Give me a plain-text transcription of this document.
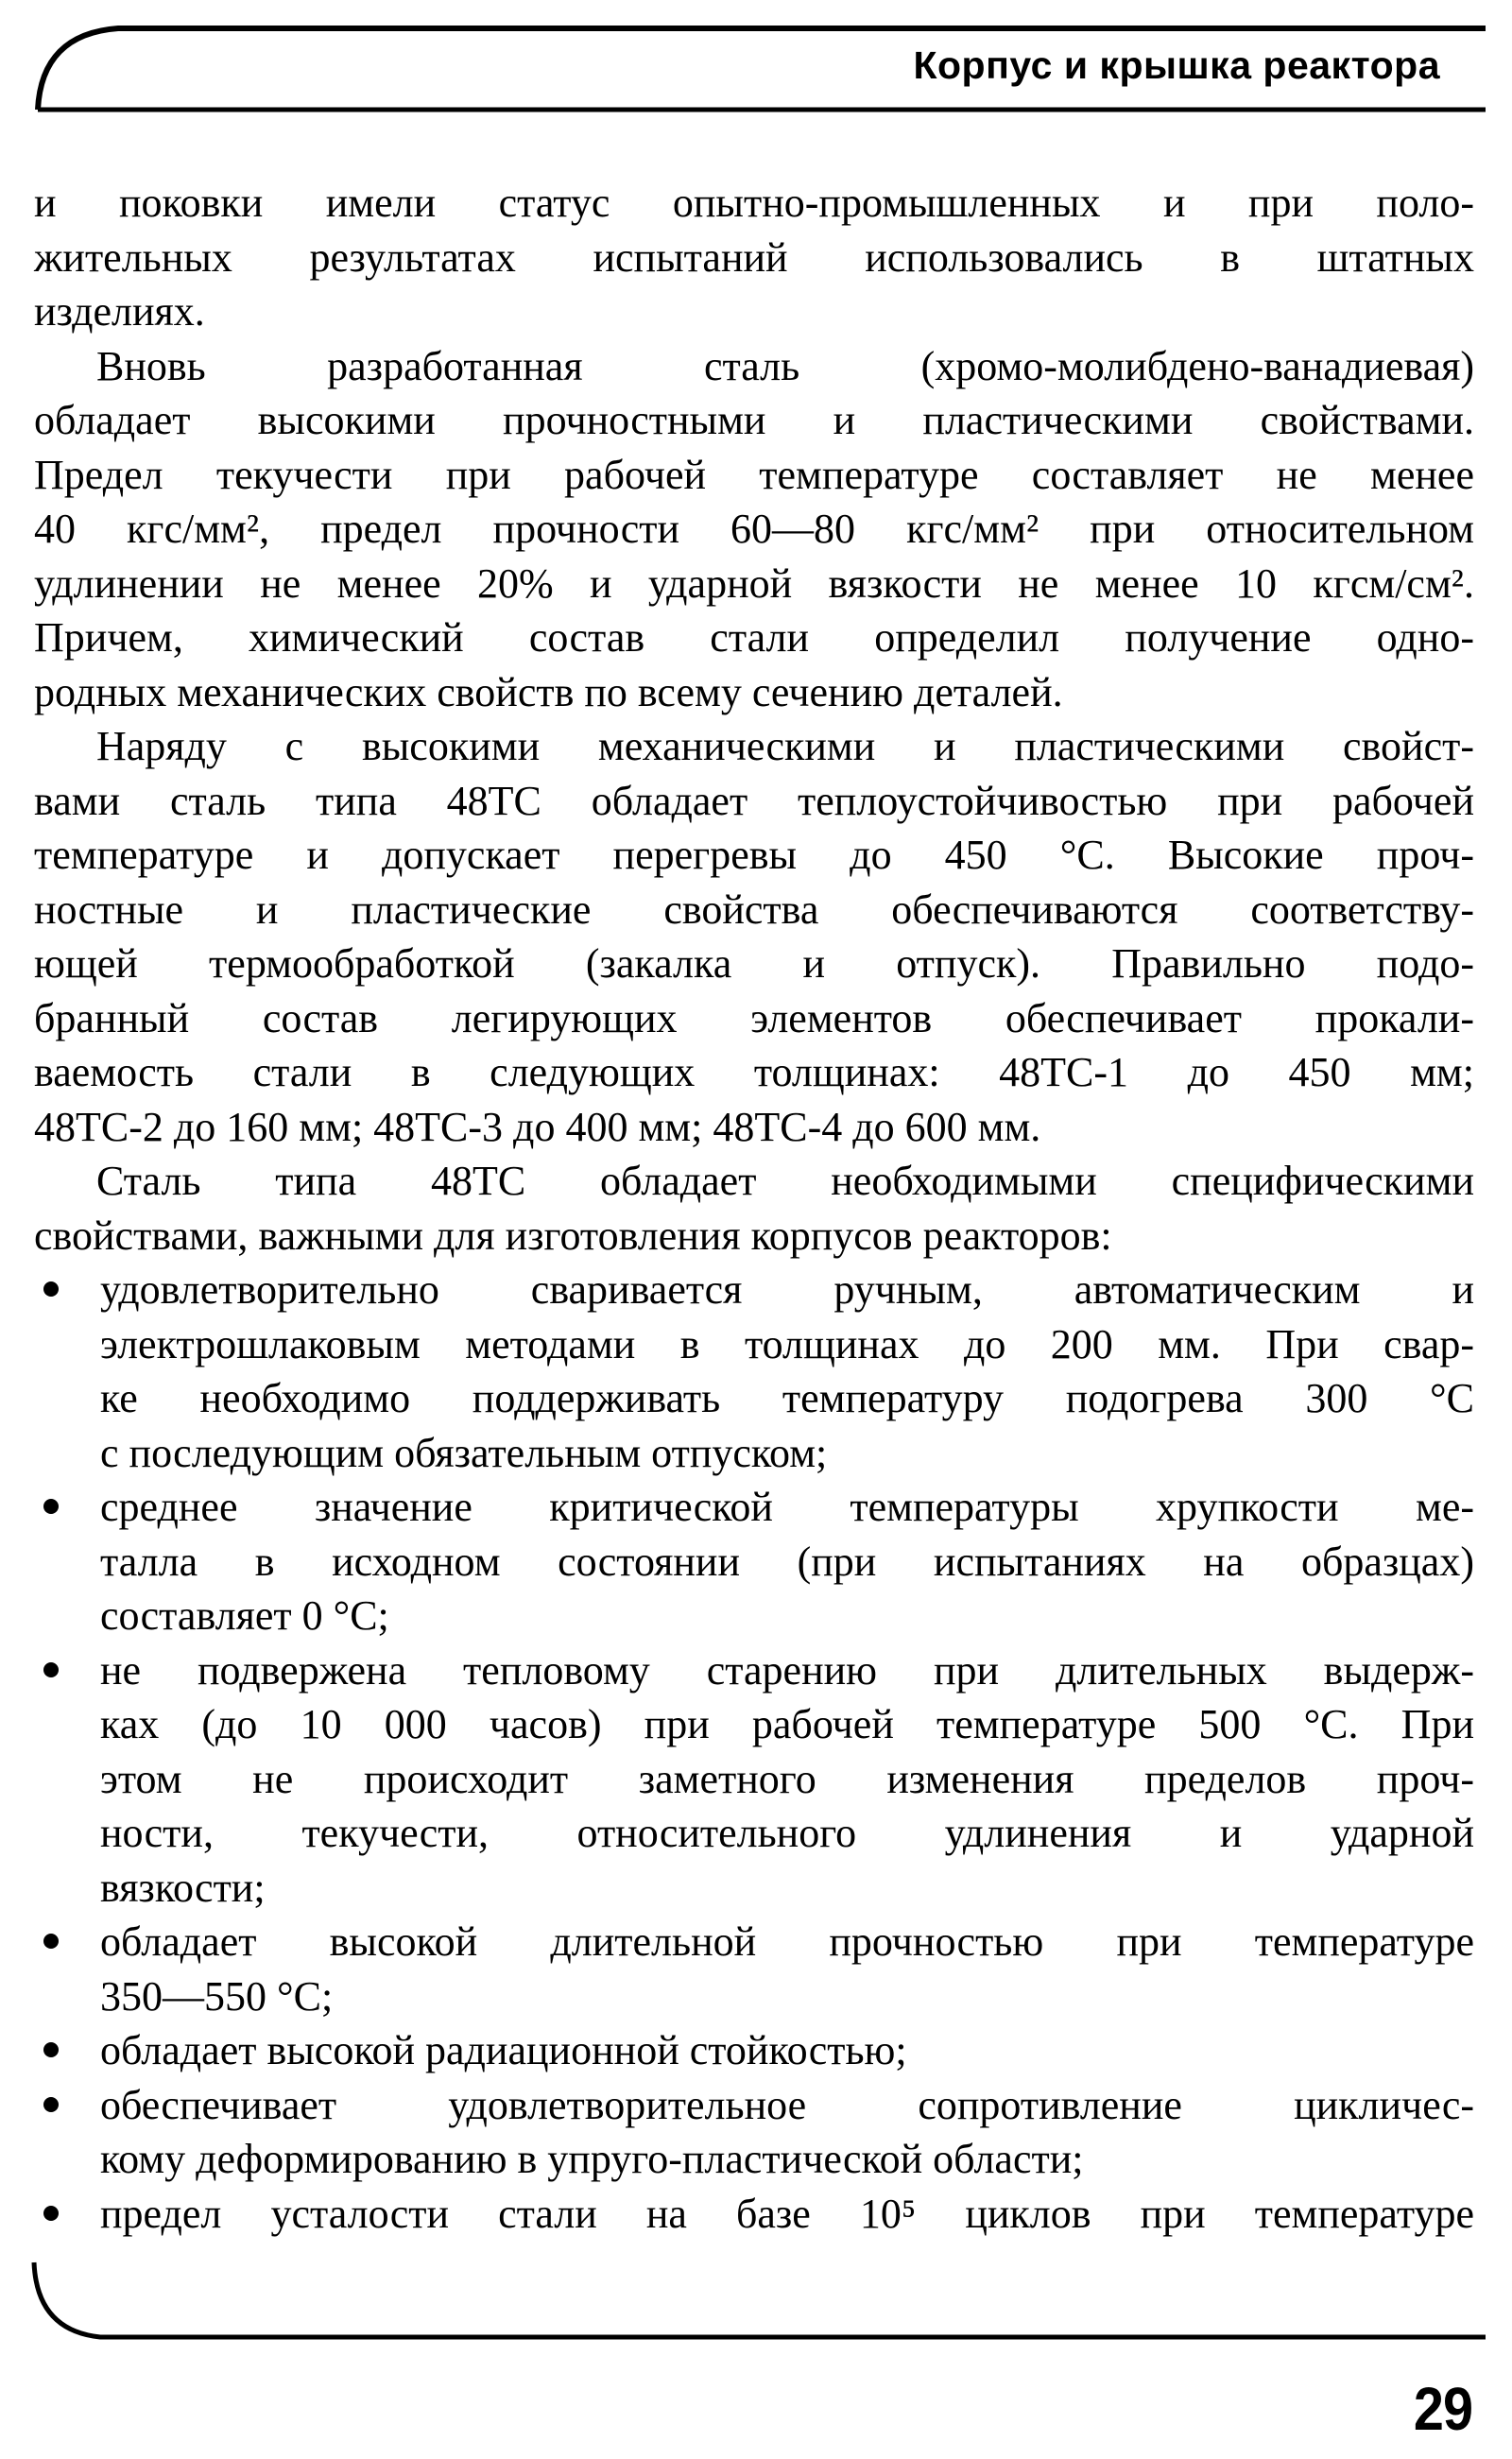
Корпус и крышка реактора
и поковки имели статус опытно-промышленных и при поло-
жительных результатах испытаний использовались в штатных
изделиях.
Вновь разработанная сталь (хромо-молибдено-ванадиевая)
обладает высокими прочностными и пластическими свойствами.
Предел текучести при рабочей температуре составляет не менее
40 кгс/мм², предел прочности 60—80 кгс/мм² при относительном
удлинении не менее 20% и ударной вязкости не менее 10 кгсм/см².
Причем, химический состав стали определил получение одно-
родных механических свойств по всему сечению деталей.
Наряду с высокими механическими и пластическими свойст-
вами сталь типа 48ТС обладает теплоустойчивостью при рабочей
температуре и допускает перегревы до 450 °С. Высокие проч-
ностные и пластические свойства обеспечиваются соответству-
ющей термообработкой (закалка и отпуск). Правильно подо-
бранный состав легирующих элементов обеспечивает прокали-
ваемость стали в следующих толщинах: 48ТС-1 до 450 мм;
48ТС-2 до 160 мм; 48ТС-3 до 400 мм; 48ТС-4 до 600 мм.
Сталь типа 48ТС обладает необходимыми специфическими
свойствами, важными для изготовления корпусов реакторов:
удовлетворительно сваривается ручным, автоматическим и
электрошлаковым методами в толщинах до 200 мм. При свар-
ке необходимо поддерживать температуру подогрева 300 °С
с последующим обязательным отпуском;
среднее значение критической температуры хрупкости ме-
талла в исходном состоянии (при испытаниях на образцах)
составляет 0 °С;
не подвержена тепловому старению при длительных выдерж-
ках (до 10 000 часов) при рабочей температуре 500 °С. При
этом не происходит заметного изменения пределов проч-
ности, текучести, относительного удлинения и ударной
вязкости;
обладает высокой длительной прочностью при температуре
350—550 °С;
обладает высокой радиационной стойкостью;
обеспечивает удовлетворительное сопротивление цикличес-
кому деформированию в упруго-пластической области;
предел усталости стали на базе 10⁵ циклов при температуре
29
